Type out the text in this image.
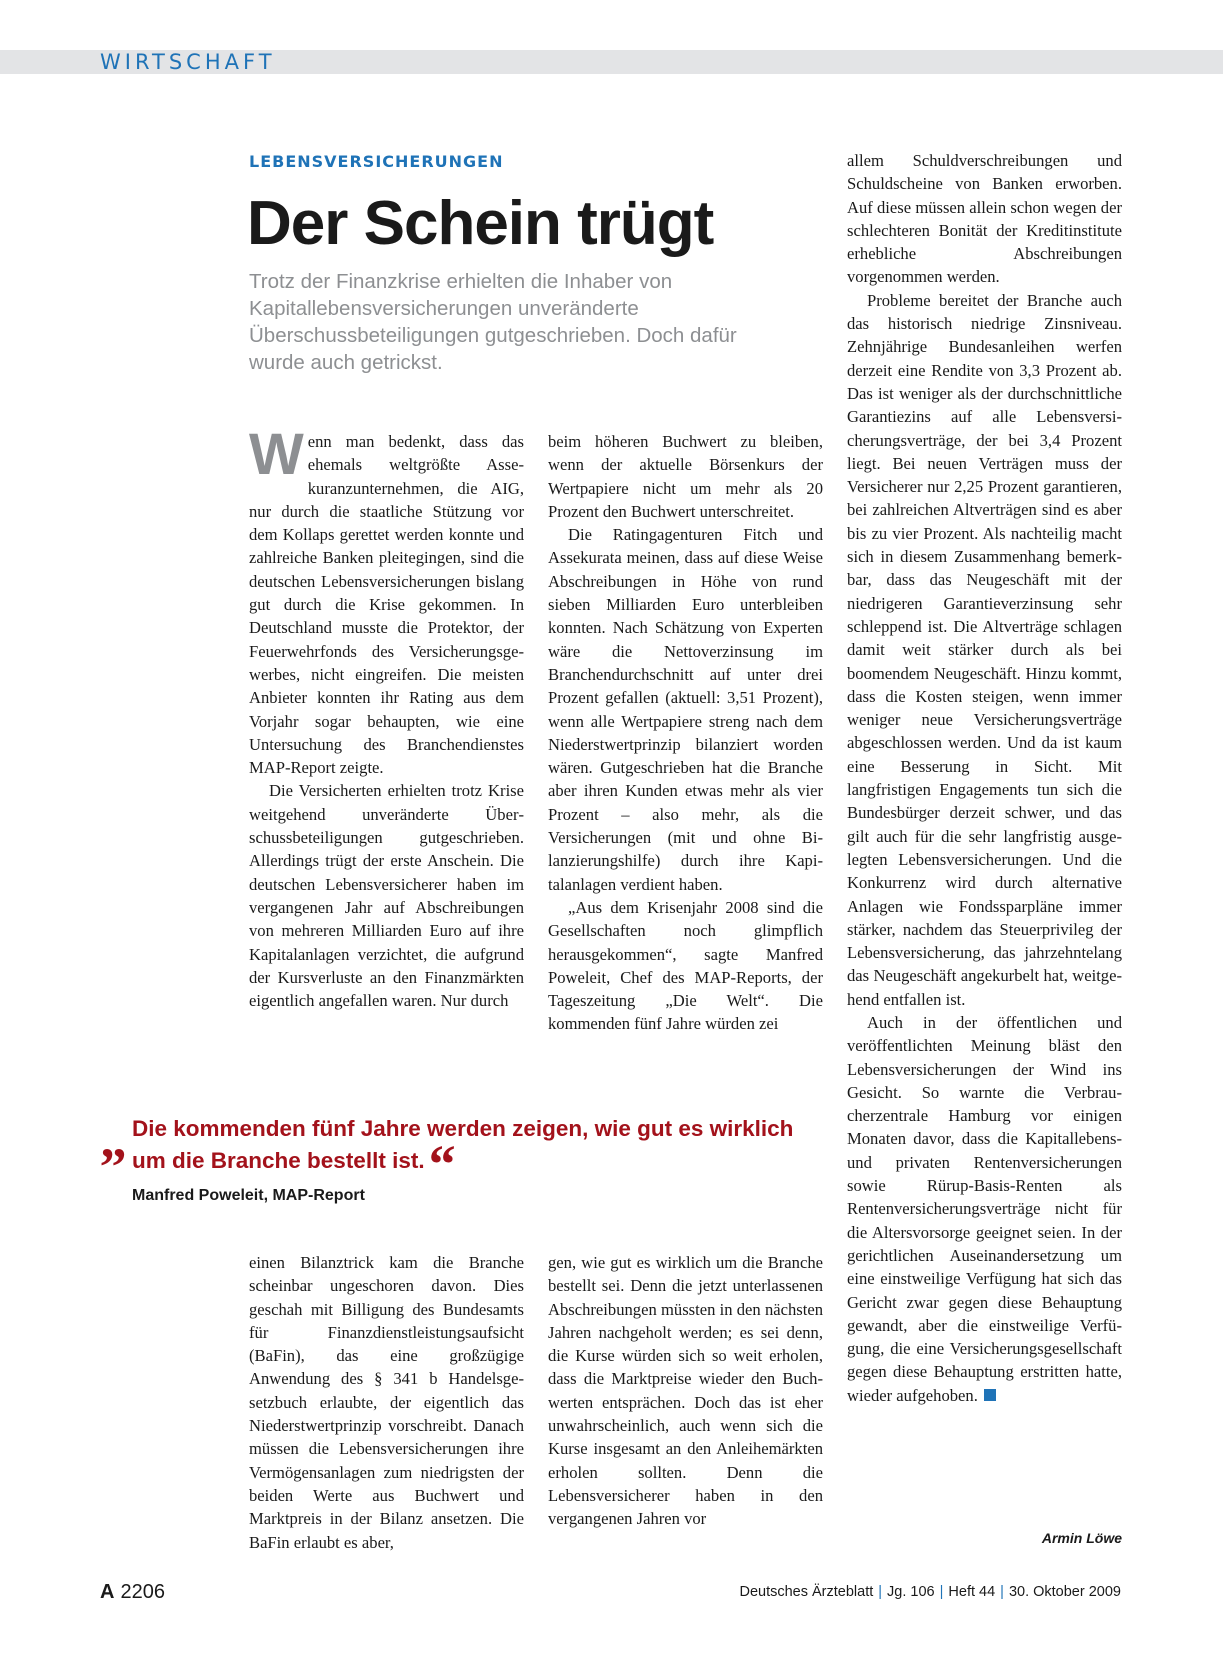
WIRTSCHAFT
LEBENSVERSICHERUNGEN
Der Schein trügt

Trotz der Finanzkrise erhielten die Inhaber von Kapitallebensversicherungen unveränderte Überschussbeteiligungen gutgeschrieben. Doch dafür wurde auch getrickst.

Wenn man bedenkt, dass das ehemals weltgrößte Assekuranzunternehmen, die AIG, nur durch die staatliche Stützung vor dem Kollaps gerettet werden konnte und zahlreiche Banken pleitegingen, sind die deutschen Lebensversicherungen bislang gut durch die Krise gekommen. In Deutschland musste die Protektor, der Feuerwehrfonds des Versicherungsgewerbes, nicht eingreifen. Die meisten Anbieter konnten ihr Rating aus dem Vorjahr sogar behaupten, wie eine Untersuchung des Branchendienstes MAP-Report zeigte.

Die Versicherten erhielten trotz Krise weitgehend unveränderte Überschussbeteiligungen gutgeschrieben. Allerdings trügt der erste Anschein. Die deutschen Lebensversicherer haben im vergangenen Jahr auf Abschreibungen von mehreren Milliarden Euro auf ihre Kapitalanlagen verzichtet, die aufgrund der Kursverluste an den Finanzmärkten eigentlich angefallen waren. Nur durch

beim höheren Buchwert zu bleiben, wenn der aktuelle Börsenkurs der Wertpapiere nicht um mehr als 20 Prozent den Buchwert unterschreitet.

Die Ratingagenturen Fitch und Assekurata meinen, dass auf diese Weise Abschreibungen in Höhe von rund sieben Milliarden Euro unterbleiben konnten. Nach Schätzung von Experten wäre die Nettoverzinsung im Branchendurchschnitt auf unter drei Prozent gefallen (aktuell: 3,51 Prozent), wenn alle Wertpapiere streng nach dem Niederstwertprinzip bilanziert worden wären. Gutgeschrieben hat die Branche aber ihren Kunden etwas mehr als vier Prozent – also mehr, als die Versicherungen (mit und ohne Bilanzierungshilfe) durch ihre Kapitalanlagen verdient haben.

„Aus dem Krisenjahr 2008 sind die Gesellschaften noch glimpflich herausgekommen“, sagte Manfred Poweleit, Chef des MAP-Reports, der Tageszeitung „Die Welt“. Die kommenden fünf Jahre würden zei

„ Die kommenden fünf Jahre werden zeigen, wie gut es wirklich um die Branche bestellt ist.“

Manfred Poweleit, MAP-Report

einen Bilanztrick kam die Branche scheinbar ungeschoren davon. Dies geschah mit Billigung des Bundesamts für Finanzdienstleistungsaufsicht (BaFin), das eine großzügige Anwendung des § 341 b Handelsgesetzbuch erlaubte, der eigentlich das Niederstwertprinzip vorschreibt. Danach müssen die Lebensversicherungen ihre Vermögensanlagen zum niedrigsten der beiden Werte aus Buchwert und Marktpreis in der Bilanz ansetzen. Die BaFin erlaubt es aber,

gen, wie gut es wirklich um die Branche bestellt sei. Denn die jetzt unterlassenen Abschreibungen müssten in den nächsten Jahren nachgeholt werden; es sei denn, die Kurse würden sich so weit erholen, dass die Marktpreise wieder den Buchwerten entsprächen. Doch das ist eher unwahrscheinlich, auch wenn sich die Kurse insgesamt an den Anleihemärkten erholen sollten. Denn die Lebensversicherer haben in den vergangenen Jahren vor

allem Schuldverschreibungen und Schuldscheine von Banken erworben. Auf diese müssen allein schon wegen der schlechteren Bonität der Kreditinstitute erhebliche Abschreibungen vorgenommen werden.

Probleme bereitet der Branche auch das historisch niedrige Zinsniveau. Zehnjährige Bundesanleihen werfen derzeit eine Rendite von 3,3 Prozent ab. Das ist weniger als der durchschnittliche Garantiezins auf alle Lebensversicherungsverträge, der bei 3,4 Prozent liegt. Bei neuen Verträgen muss der Versicherer nur 2,25 Prozent garantieren, bei zahlreichen Altverträgen sind es aber bis zu vier Prozent. Als nachteilig macht sich in diesem Zusammenhang bemerkbar, dass das Neugeschäft mit der niedrigeren Garantieverzinsung sehr schleppend ist. Die Altverträge schlagen damit weit stärker durch als bei boomendem Neugeschäft. Hinzu kommt, dass die Kosten steigen, wenn immer weniger neue Versicherungsverträge abgeschlossen werden. Und da ist kaum eine Besserung in Sicht. Mit langfristigen Engagements tun sich die Bundesbürger derzeit schwer, und das gilt auch für die sehr langfristig ausgelegten Lebensversicherungen. Und die Konkurrenz wird durch alternative Anlagen wie Fondssparpläne immer stärker, nachdem das Steuerprivileg der Lebensversicherung, das jahrzehntelang das Neugeschäft angekurbelt hat, weitgehend entfallen ist.

Auch in der öffentlichen und veröffentlichten Meinung bläst den Lebensversicherungen der Wind ins Gesicht. So warnte die Verbraucherzentrale Hamburg vor einigen Monaten davor, dass die Kapitallebens- und privaten Rentenversicherungen sowie Rürup-Basis-Renten als Rentenversicherungsverträge nicht für die Altersvorsorge geeignet seien. In der gerichtlichen Auseinandersetzung um eine einstweilige Verfügung hat sich das Gericht zwar gegen diese Behauptung gewandt, aber die einstweilige Verfügung, die eine Versicherungsgesellschaft gegen diese Behauptung erstritten hatte, wieder aufgehoben.

Armin Löwe
A 2206	Deutsches Ärzteblatt | Jg. 106 | Heft 44 | 30. Oktober 2009
